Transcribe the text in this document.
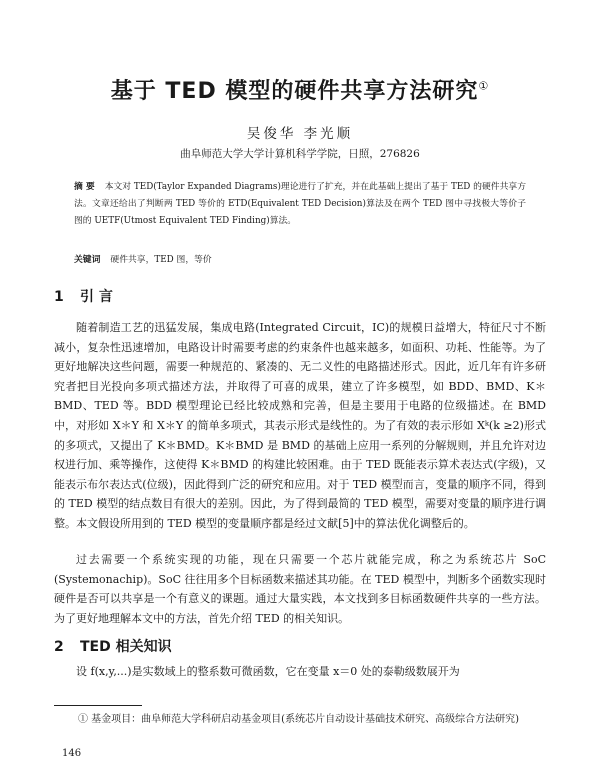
基于 TED 模型的硬件共享方法研究①
吴俊华 李光顺
曲阜师范大学大学计算机科学学院，日照，276826
摘 要 本文对 TED(Taylor Expanded Diagrams)理论进行了扩充，并在此基础上提出了基于 TED 的硬件共享方法。文章还给出了判断两 TED 等价的 ETD(Equivalent TED Decision)算法及在两个 TED 图中寻找极大等价子图的 UETF(Utmost Equivalent TED Finding)算法。
关键词 硬件共享，TED 图，等价
1 引 言

随着制造工艺的迅猛发展，集成电路(Integrated Circuit，IC)的规模日益增大，特征尺寸不断减小，复杂性迅速增加，电路设计时需要考虑的约束条件也越来越多，如面积、功耗、性能等。为了更好地解决这些问题，需要一种规范的、紧凑的、无二义性的电路描述形式。因此，近几年有许多研究者把目光投向多项式描述方法，并取得了可喜的成果，建立了许多模型，如 BDD、BMD、K＊BMD、TED 等。BDD 模型理论已经比较成熟和完善，但是主要用于电路的位级描述。在 BMD 中，对形如 X＊Y 和 X＊Y 的简单多项式，其表示形式是线性的。为了有效的表示形如 Xᵏ(k ≥2)形式的多项式，又提出了 K＊BMD。K＊BMD 是 BMD 的基础上应用一系列的分解规则，并且允许对边权进行加、乘等操作，这使得 K＊BMD 的构建比较困难。由于 TED 既能表示算术表达式(字级)，又能表示布尔表达式(位级)，因此得到广泛的研究和应用。对于 TED 模型而言，变量的顺序不同，得到的 TED 模型的结点数目有很大的差别。因此，为了得到最简的 TED 模型，需要对变量的顺序进行调整。本文假设所用到的 TED 模型的变量顺序都是经过文献[5]中的算法优化调整后的。

过去需要一个系统实现的功能，现在只需要一个芯片就能完成，称之为系统芯片 SoC (Systemonachip)。SoC 往往用多个目标函数来描述其功能。在 TED 模型中，判断多个函数实现时硬件是否可以共享是一个有意义的课题。通过大量实践，本文找到多目标函数硬件共享的一些方法。为了更好地理解本文中的方法，首先介绍 TED 的相关知识。

2 TED 相关知识

设 f(x,y,...)是实数域上的整系数可微函数，它在变量 x＝0 处的泰勒级数展开为

① 基金项目：曲阜师范大学科研启动基金项目(系统芯片自动设计基础技术研究、高级综合方法研究)
146
